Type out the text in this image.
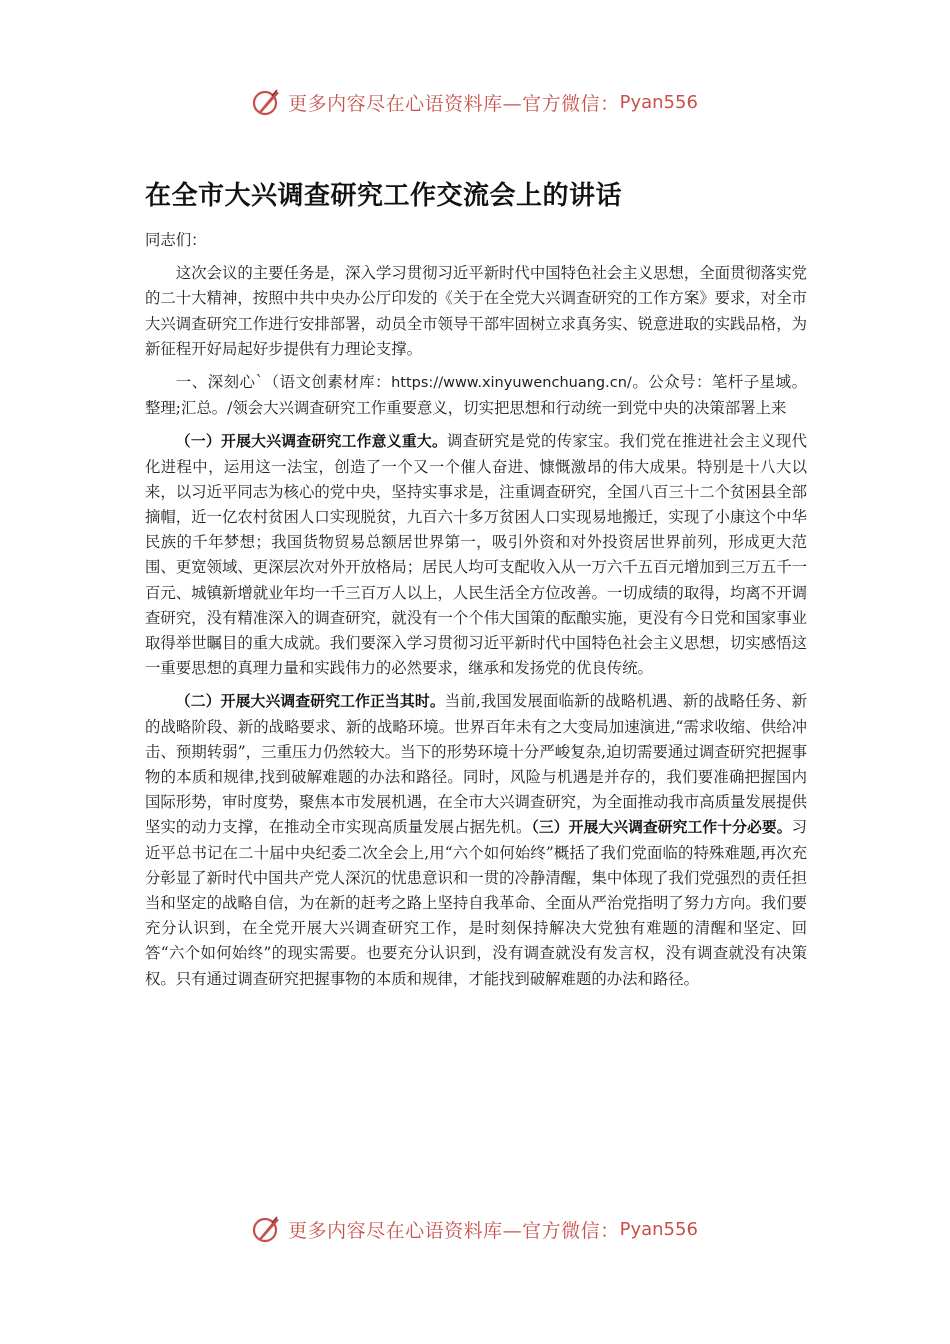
更多内容尽在心语资料库—官方微信： Pyan556
在全市大兴调查研究工作交流会上的讲话

同志们：

这次会议的主要任务是，深入学习贯彻习近平新时代中国特色社会主义思想，全面贯彻落实党的二十大精神，按照中共中央办公厅印发的《关于在全党大兴调查研究的工作方案》要求，对全市大兴调查研究工作进行安排部署，动员全市领导干部牢固树立求真务实、锐意进取的实践品格，为新征程开好局起好步提供有力理论支撑。

一、深刻心`（语文创素材库：https://www.xinyuwenchuang.cn/。公众号：笔杆子星域。整理;汇总。/领会大兴调查研究工作重要意义，切实把思想和行动统一到党中央的决策部署上来

（一）开展大兴调查研究工作意义重大。调查研究是党的传家宝。我们党在推进社会主义现代化进程中，运用这一法宝，创造了一个又一个催人奋进、慷慨激昂的伟大成果。特别是十八大以来，以习近平同志为核心的党中央，坚持实事求是，注重调查研究，全国八百三十二个贫困县全部摘帽，近一亿农村贫困人口实现脱贫，九百六十多万贫困人口实现易地搬迁，实现了小康这个中华民族的千年梦想；我国货物贸易总额居世界第一，吸引外资和对外投资居世界前列，形成更大范围、更宽领域、更深层次对外开放格局；居民人均可支配收入从一万六千五百元增加到三万五千一百元、城镇新增就业年均一千三百万人以上，人民生活全方位改善。一切成绩的取得，均离不开调查研究，没有精准深入的调查研究，就没有一个个伟大国策的酝酿实施，更没有今日党和国家事业取得举世瞩目的重大成就。我们要深入学习贯彻习近平新时代中国特色社会主义思想，切实感悟这一重要思想的真理力量和实践伟力的必然要求，继承和发扬党的优良传统。

（二）开展大兴调查研究工作正当其时。当前,我国发展面临新的战略机遇、新的战略任务、新的战略阶段、新的战略要求、新的战略环境。世界百年未有之大变局加速演进,“需求收缩、供给冲击、预期转弱”，三重压力仍然较大。当下的形势环境十分严峻复杂,迫切需要通过调查研究把握事物的本质和规律,找到破解难题的办法和路径。同时，风险与机遇是并存的，我们要准确把握国内国际形势，审时度势，聚焦本市发展机遇，在全市大兴调查研究，为全面推动我市高质量发展提供坚实的动力支撑，在推动全市实现高质量发展占据先机。（三）开展大兴调查研究工作十分必要。习近平总书记在二十届中央纪委二次全会上,用“六个如何始终”概括了我们党面临的特殊难题,再次充分彰显了新时代中国共产党人深沉的忧患意识和一贯的冷静清醒，集中体现了我们党强烈的责任担当和坚定的战略自信，为在新的赶考之路上坚持自我革命、全面从严治党指明了努力方向。我们要充分认识到，在全党开展大兴调查研究工作，是时刻保持解决大党独有难题的清醒和坚定、回答“六个如何始终”的现实需要。也要充分认识到，没有调查就没有发言权，没有调查就没有决策权。只有通过调查研究把握事物的本质和规律，才能找到破解难题的办法和路径。

更多内容尽在心语资料库—官方微信： Pyan556
